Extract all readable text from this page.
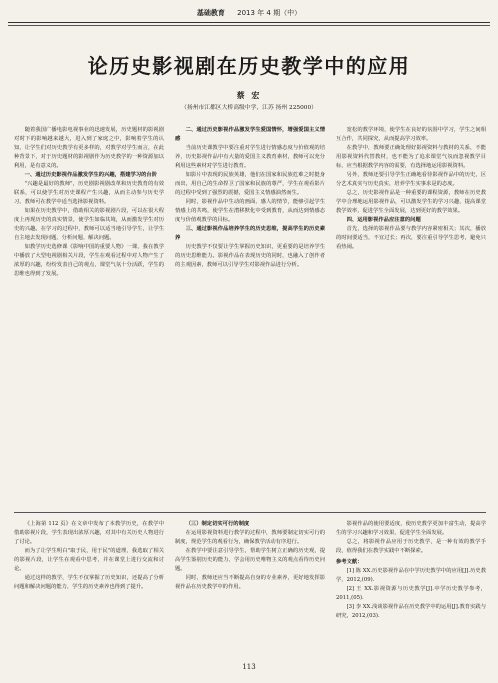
基础教育 2013 年 4 期（中）
论历史影视剧在历史教学中的应用
蔡 宏
（扬州市江都区大桥高级中学，江苏 扬州 225000）

随着我国广播电影电视事业的迅速发展，历史题材的影视剧对时下的影响越来越大，进入到了家庭之中，影响着学生的认知，让学生们对历史教学有更多样的，对教学对学生而言，在此种背景下，对于历史题材的影视剧作为历史教学的一种资源加以利用，是有意义的。

一、通过历史影视作品激发学生的兴趣，搭建学习的台阶

"兴趣是最好的教师"，历史剧影视剧改革和历史教育的有效联系，可以使学生对历史课程产生兴趣，从而主动参与历史学习，教师可在教学中适当选择影视资料。

如果在历史教学中，借助相关的影视剧片段，可以在很大程度上再现历史的真实情景，使学生如临其境，从而激发学生对历史的兴趣。在学习的过程中，教师可以适当地引导学生，让学生自主地去发现问题、分析问题、解决问题。

如教学历史选修课《影响中国的重要人物》一课，我在教学中播放了大型电视剧相关片段，学生在观看过程中对人物产生了浓厚的兴趣，纷纷发表自己的观点，课堂气氛十分活跃，学生的思维也得到了发展。

二、通过历史影视作品激发学生爱国情怀，增强爱国主义情感

当前历史课教学中要注重对学生进行情感态度与价值观的培养，历史影视作品中有大量的爱国主义教育素材，教师可以充分利用这些素材对学生进行教育。

如影片中表现的民族英雄，他们在国家和民族危难之时挺身而出，用自己的生命捍卫了国家和民族的尊严，学生在观看影片的过程中受到了强烈的震撼，爱国主义情感油然而生。

同时，影视作品中生动的画面、感人的情节，能够引起学生情感上的共鸣，使学生在潜移默化中受到教育，从而达到情感态度与价值观教学的目标。

三、通过影视作品培养学生的历史思维，提高学生的历史素养

历史教学不仅要让学生掌握历史知识，更重要的是培养学生的历史思维能力。影视作品在表现历史的同时，也融入了创作者的主观因素，教师可以引导学生对影视作品进行分析。

宽松的教学环境，使学生在良好的氛围中学习，学生之间相互合作，共同探究，从而提高学习效率。

在教学中，教师要正确处理好影视资料与教材的关系，不能用影视资料代替教材，也不能为了追求课堂气氛而忽视教学目标，应当根据教学内容的需要，有选择地运用影视资料。

另外，教师还要引导学生正确地看待影视作品中的历史，区分艺术真实与历史真实，培养学生实事求是的态度。

总之，历史影视作品是一种重要的课程资源，教师在历史教学中合理地运用影视作品，可以激发学生的学习兴趣，提高课堂教学效率，促进学生全面发展，达到更好的教学效果。

四、运用影视作品应注意的问题

首先，选择的影视作品要与教学内容紧密相关；其次，播放的时间要适当，不宜过长；再次，要注重引导学生思考，避免只看热闹。

《上海第 112 页》在文章中发布了本教学历史，在教学中借助影视片段，学生表现出浓厚兴趣，对其中有关历史人物进行了讨论。

而为了让学生明白"取于民，用于民"的道理，我选取了相关的影视片段，让学生在观看中思考，并在课堂上进行交流和讨论。

通过这样的教学，学生不仅掌握了历史知识，还提高了分析问题和解决问题的能力，学生的历史素养也得到了提升。

（三）制定切实可行的制度

在运用影视资料进行教学的过程中，教师要制定切实可行的制度，规范学生的观看行为，确保教学活动有序进行。

在教学中要注意引导学生，帮助学生树立正确的历史观，提高学生鉴别历史的能力，学会用历史唯物主义的观点看待历史问题。

同时，教师还应当不断提高自身的专业素养，更好地发挥影视作品在历史教学中的作用。

影视作品的使用要适度，使历史教学更加丰富生动，提高学生的学习兴趣和学习效果，促进学生全面发展。

总之，将影视作品应用于历史教学，是一种有效的教学手段，值得我们在教学实践中不断探索。

参考文献：

[1] 陈 XX.历史影视作品在中学历史教学中的应用[J].历史教学，2012,(09).

[2] 王 XX.影视资源与历史教学[J].中学历史教学参考，2011,(05).

[3] 李 XX.浅谈影视作品在历史教学中的运用[J].教育实践与研究，2012,(03).

113
